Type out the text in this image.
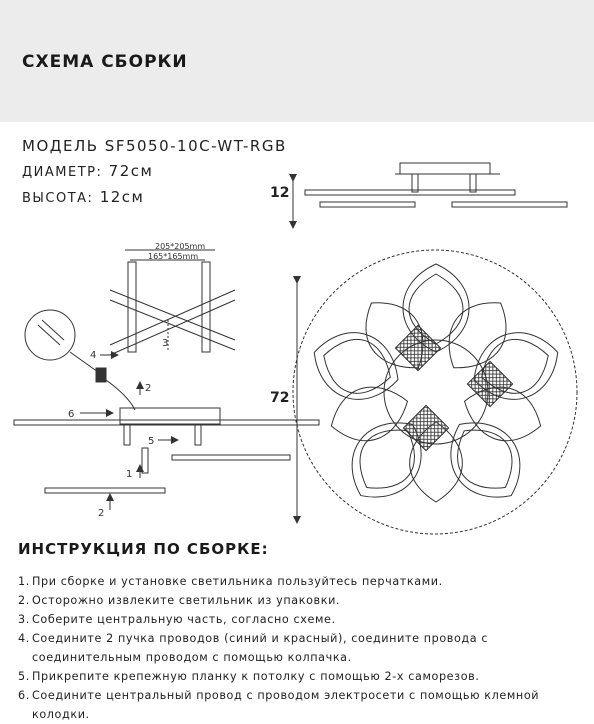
СХЕМА СБОРКИ
МОДЕЛЬ SF5050-10C-WT-RGB
ДИАМЕТР: 72см
ВЫСОТА: 12см	12
72
205*205mm
165*165mm
1
2
2
3
4
5
6
ИНСТРУКЦИЯ ПО СБОРКЕ:
1. При сборке и установке светильника пользуйтесь перчатками.
2. Осторожно извлеките светильник из упаковки.
3. Соберите центральную часть, согласно схеме.
4. Соедините 2 пучка проводов (синий и красный), соедините провода с соединительным проводом с помощью колпачка.
5. Прикрепите крепежную планку к потолку с помощью 2-х саморезов.
6. Соедините центральный провод с проводом электросети с помощью клемной колодки.
